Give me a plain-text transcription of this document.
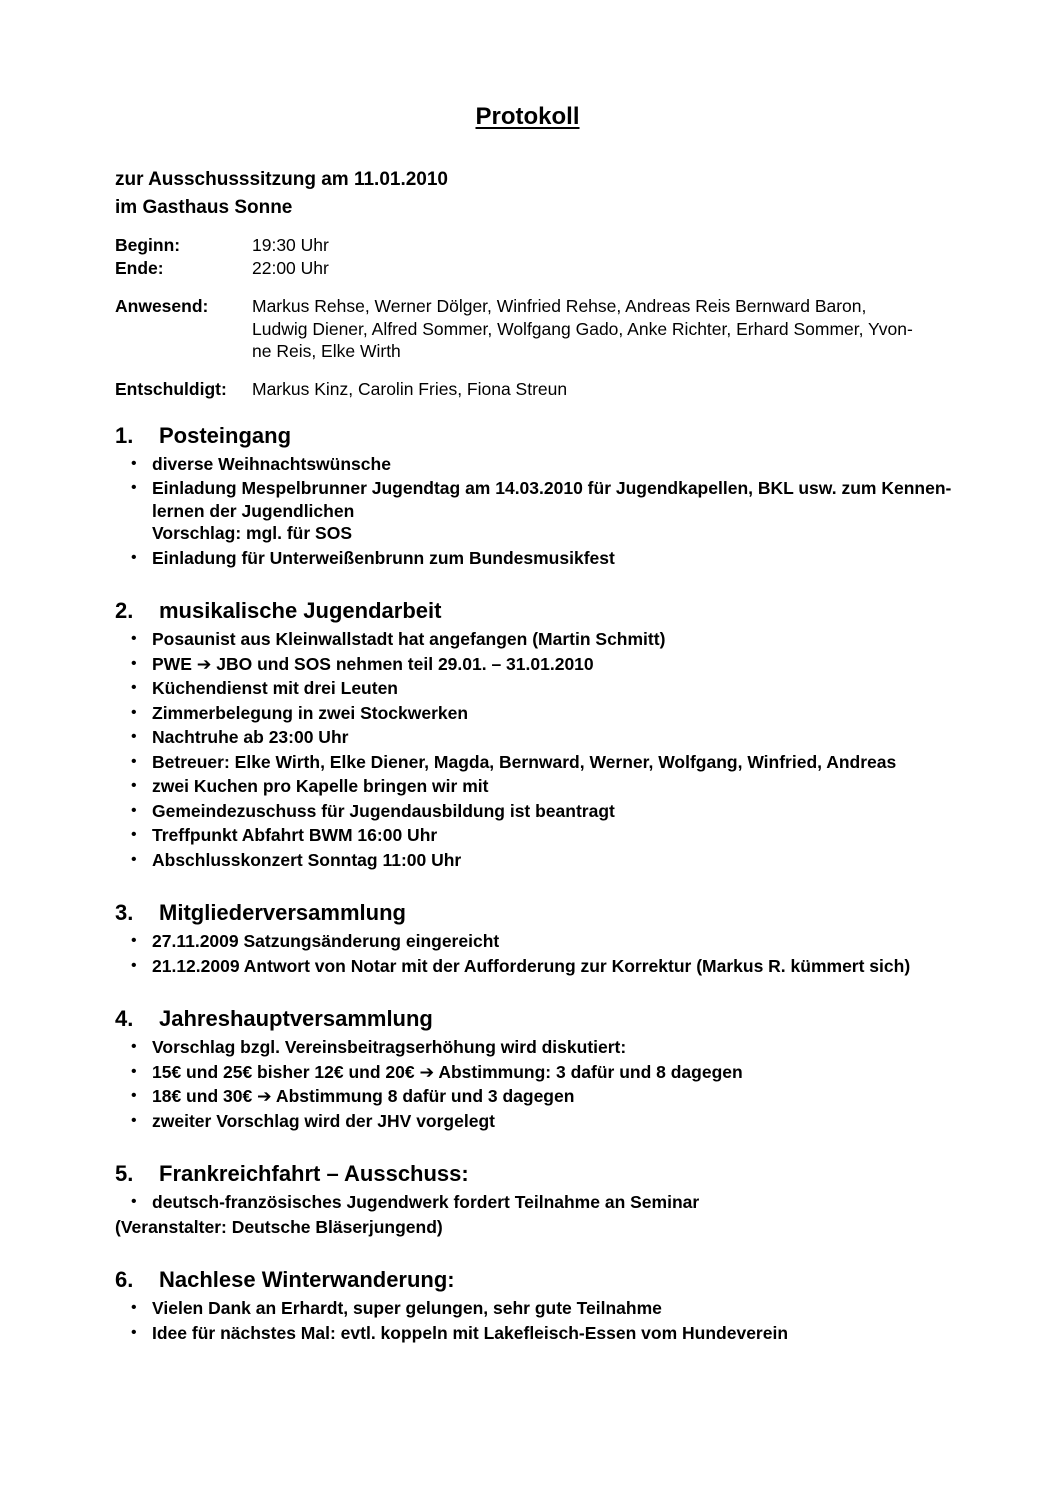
Protokoll
zur Ausschusssitzung am 11.01.2010
im Gasthaus Sonne
Beginn:	19:30 Uhr
Ende:	22:00 Uhr
Anwesend:	Markus Rehse, Werner Dölger, Winfried Rehse, Andreas Reis Bernward Baron,
Ludwig Diener, Alfred Sommer, Wolfgang Gado, Anke Richter, Erhard Sommer, Yvon-
ne Reis, Elke Wirth
Entschuldigt:	Markus Kinz, Carolin Fries, Fiona Streun
1.	Posteingang
• diverse Weihnachtswünsche
• Einladung Mespelbrunner Jugendtag am 14.03.2010 für Jugendkapellen, BKL usw. zum Kennen-
lernen der Jugendlichen
Vorschlag: mgl. für SOS
• Einladung für Unterweißenbrunn zum Bundesmusikfest
2.	musikalische Jugendarbeit
• Posaunist aus Kleinwallstadt hat angefangen (Martin Schmitt)
• PWE ➔ JBO und SOS nehmen teil 29.01. – 31.01.2010
• Küchendienst mit drei Leuten
• Zimmerbelegung in zwei Stockwerken
• Nachtruhe ab 23:00 Uhr
• Betreuer: Elke Wirth, Elke Diener, Magda, Bernward, Werner, Wolfgang, Winfried, Andreas
• zwei Kuchen pro Kapelle bringen wir mit
• Gemeindezuschuss für Jugendausbildung ist beantragt
• Treffpunkt Abfahrt BWM 16:00 Uhr
• Abschlusskonzert Sonntag 11:00 Uhr
3.	Mitgliederversammlung
• 27.11.2009 Satzungsänderung eingereicht
• 21.12.2009 Antwort von Notar mit der Aufforderung zur Korrektur (Markus R. kümmert sich)
4.	Jahreshauptversammlung
• Vorschlag bzgl. Vereinsbeitragserhöhung wird diskutiert:
• 15€ und 25€ bisher 12€ und 20€ ➔ Abstimmung: 3 dafür und 8 dagegen
• 18€ und 30€ ➔ Abstimmung 8 dafür und 3 dagegen
• zweiter Vorschlag wird der JHV vorgelegt
5.	Frankreichfahrt – Ausschuss:
• deutsch-französisches Jugendwerk fordert Teilnahme an Seminar
(Veranstalter: Deutsche Bläserjungend)
6.	Nachlese Winterwanderung:
• Vielen Dank an Erhardt, super gelungen, sehr gute Teilnahme
• Idee für nächstes Mal: evtl. koppeln mit Lakefleisch-Essen vom Hundeverein
